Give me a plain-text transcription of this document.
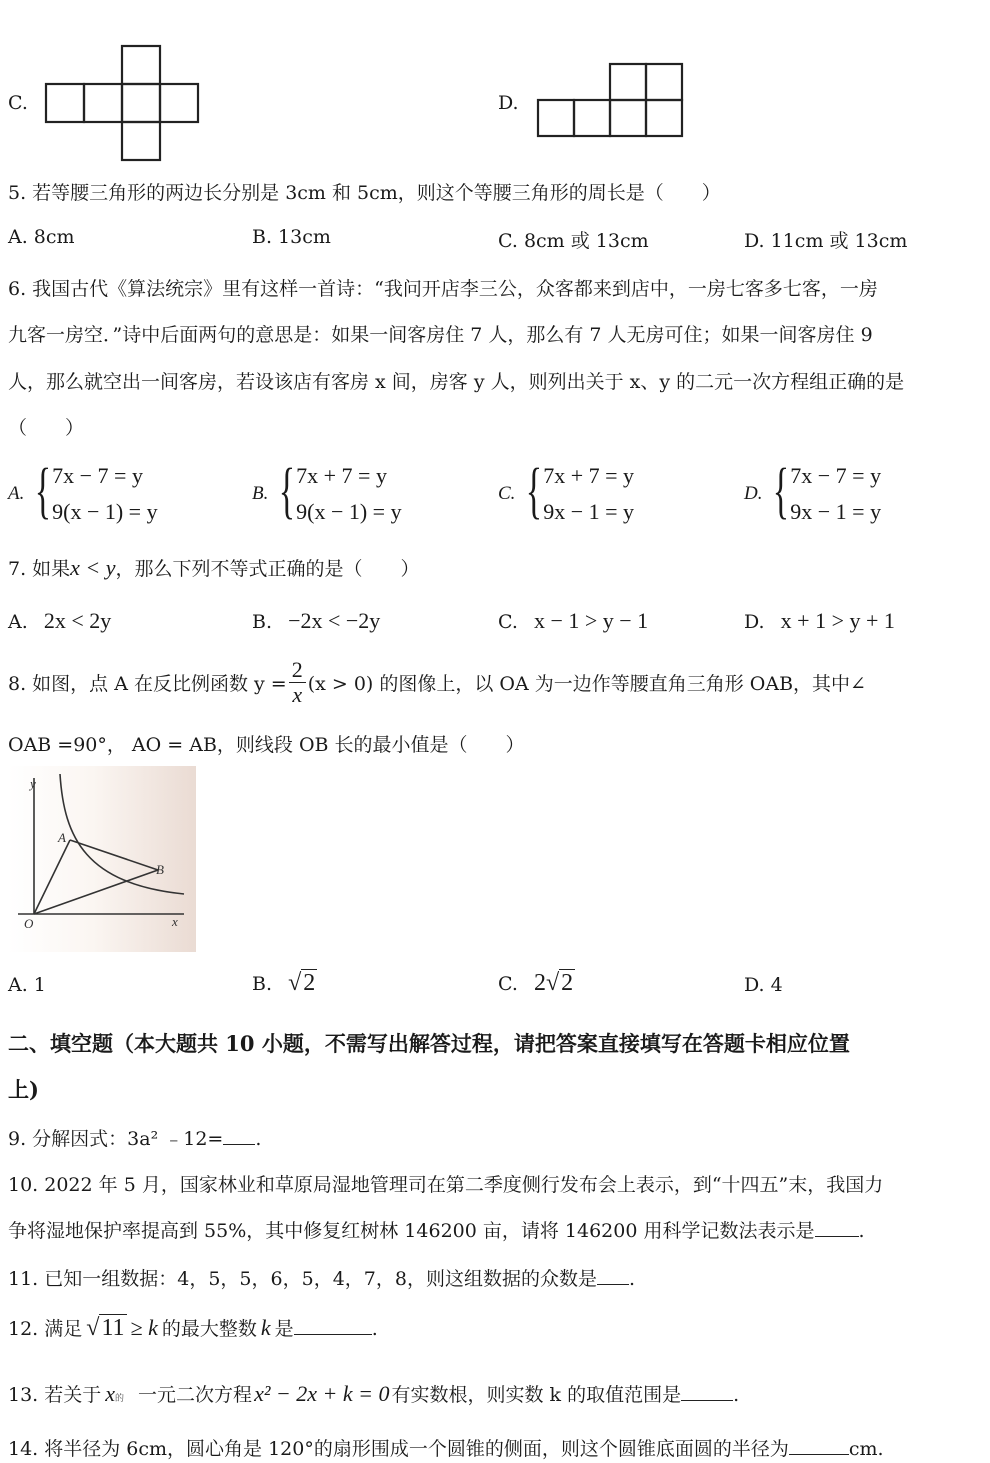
C.	D.
5. 若等腰三角形的两边长分别是 3cm 和 5cm，则这个等腰三角形的周长是（　　）
A. 8cm	B. 13cm	C. 8cm 或 13cm	D. 11cm 或 13cm
6. 我国古代《算法统宗》里有这样一首诗：“我问开店李三公，众客都来到店中，一房七客多七客，一房
九客一房空．”诗中后面两句的意思是：如果一间客房住 7 人，那么有 7 人无房可住；如果一间客房住 9
人，那么就空出一间客房，若设该店有客房 x 间，房客 y 人，则列出关于 x、y 的二元一次方程组正确的是
（　　）
A. { 7x − 7 = y
9(x − 1) = y
B. { 7x + 7 = y
9(x − 1) = y
C. { 7x + 7 = y
9x − 1 = y
D. { 7x − 7 = y
9x − 1 = y
7. 如果x < y，那么下列不等式正确的是（　　）
A. 2x < 2y	B. −2x < −2y	C. x − 1 > y − 1	D. x + 1 > y + 1
8. 如图，点 A 在反比例函数 $y = \frac{2}{x} (x > 0)$ 的图像上，以 OA 为一边作等腰直角三角形 OAB，其中∠
OAB =90°， AO = AB，则线段 OB 长的最小值是（　　）
y
x
O
A
B
A. 1	B. √2	C. 2√2	D. 4
二、填空题（本大题共 10 小题，不需写出解答过程，请把答案直接填写在答题卡相应位置
上)
9. 分解因式：3a² ﹣12= .
10. 2022 年 5 月，国家林业和草原局湿地管理司在第二季度侧行发布会上表示，到“十四五”末，我国力
争将湿地保护率提高到 55%，其中修复红树林 146200 亩，请将 146200 用科学记数法表示是 .
11. 已知一组数据：4，5，5，6，5，4，7，8，则这组数据的众数是 .
12. 满足 √11 ≥ k 的最大整数 k 是	.
13. 若关于 x 的 一元二次方程 x² − 2x + k = 0 有实数根，则实数 k 的取值范围是	.
14. 将半径为 6cm，圆心角是 120°的扇形围成一个圆锥的侧面，则这个圆锥底面圆的半径为	cm.
